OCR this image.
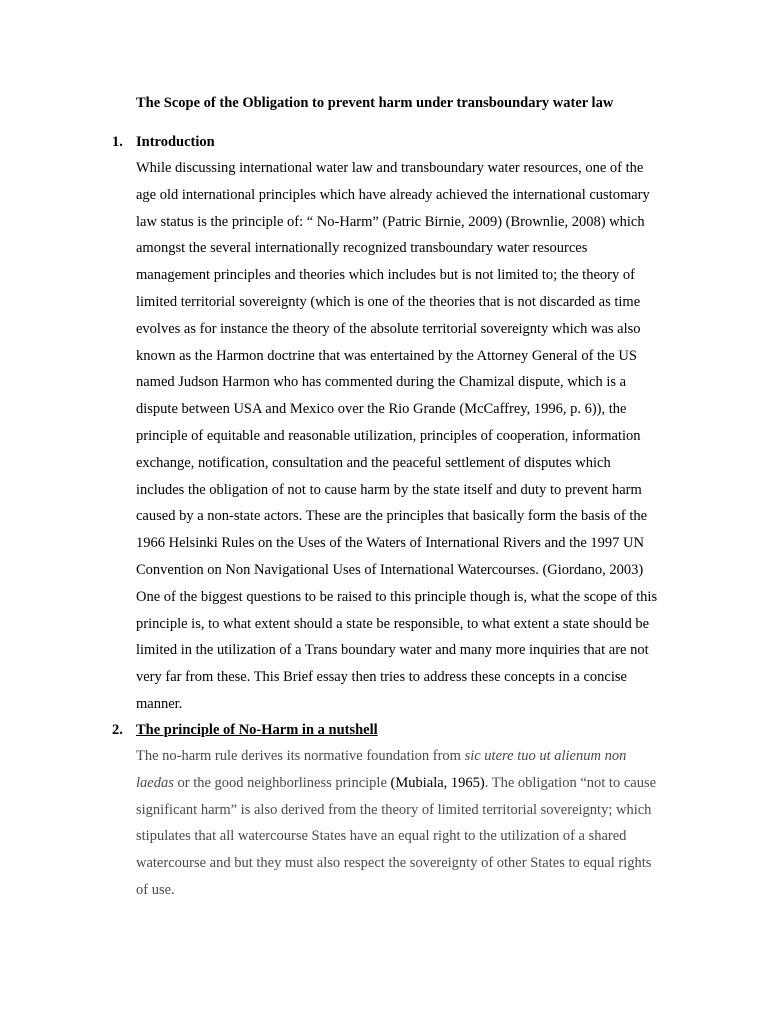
The Scope of the Obligation to prevent harm under transboundary water law
1. Introduction
While discussing international water law and transboundary water resources, one of the
age old international principles which have already achieved the international customary
law status is the principle of: “ No-Harm” (Patric Birnie, 2009) (Brownlie, 2008) which
amongst the several internationally recognized transboundary water resources
management principles and theories which includes but is not limited to; the theory of
limited territorial sovereignty (which is one of the theories that is not discarded as time
evolves as for instance the theory of the absolute territorial sovereignty which was also
known as the Harmon doctrine that was entertained by the Attorney General of the US
named Judson Harmon who has commented during the Chamizal dispute, which is a
dispute between USA and Mexico over the Rio Grande (McCaffrey, 1996, p. 6)), the
principle of equitable and reasonable utilization, principles of cooperation, information
exchange, notification, consultation and the peaceful settlement of disputes which
includes the obligation of not to cause harm by the state itself and duty to prevent harm
caused by a non-state actors. These are the principles that basically form the basis of the
1966 Helsinki Rules on the Uses of the Waters of International Rivers and the 1997 UN
Convention on Non Navigational Uses of International Watercourses. (Giordano, 2003)
One of the biggest questions to be raised to this principle though is, what the scope of this
principle is, to what extent should a state be responsible, to what extent a state should be
limited in the utilization of a Trans boundary water and many more inquiries that are not
very far from these. This Brief essay then tries to address these concepts in a concise
manner.
2. The principle of No-Harm in a nutshell
The no-harm rule derives its normative foundation from sic utere tuo ut alienum non
laedas or the good neighborliness principle (Mubiala, 1965). The obligation “not to cause
significant harm” is also derived from the theory of limited territorial sovereignty; which
stipulates that all watercourse States have an equal right to the utilization of a shared
watercourse and but they must also respect the sovereignty of other States to equal rights
of use.
